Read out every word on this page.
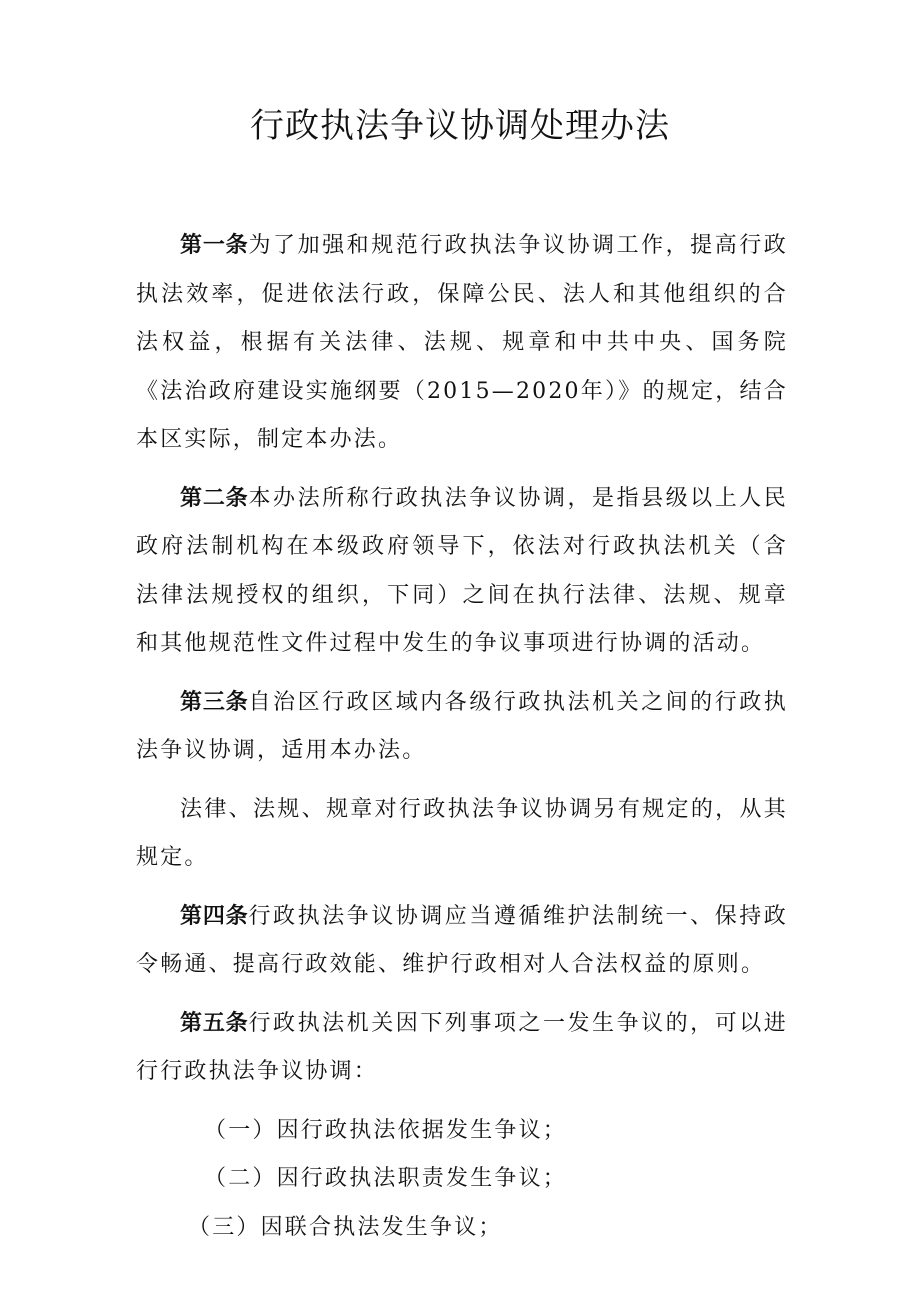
行政执法争议协调处理办法

第一条为了加强和规范行政执法争议协调工作，提高行政执法效率，促进依法行政，保障公民、法人和其他组织的合法权益，根据有关法律、法规、规章和中共中央、国务院《法治政府建设实施纲要（2015—2020年）》的规定，结合本区实际，制定本办法。

第二条本办法所称行政执法争议协调，是指县级以上人民政府法制机构在本级政府领导下，依法对行政执法机关（含法律法规授权的组织，下同）之间在执行法律、法规、规章和其他规范性文件过程中发生的争议事项进行协调的活动。

第三条自治区行政区域内各级行政执法机关之间的行政执法争议协调，适用本办法。

法律、法规、规章对行政执法争议协调另有规定的，从其规定。

第四条行政执法争议协调应当遵循维护法制统一、保持政令畅通、提高行政效能、维护行政相对人合法权益的原则。

第五条行政执法机关因下列事项之一发生争议的，可以进行行政执法争议协调：

（一）因行政执法依据发生争议；

（二）因行政执法职责发生争议；

（三）因联合执法发生争议；
